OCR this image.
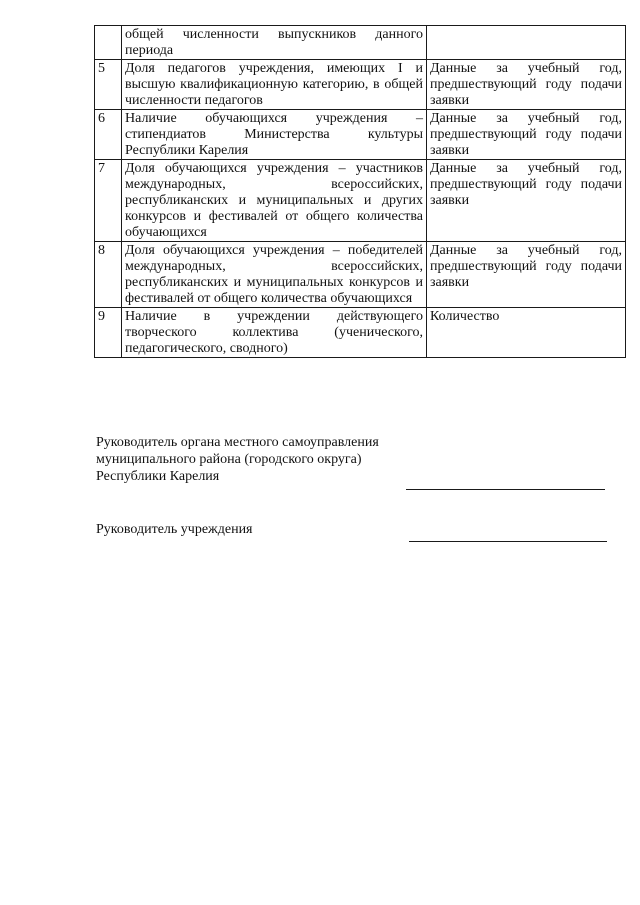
	общей численности выпускников данного периода	
5	Доля педагогов учреждения, имеющих I и высшую квалификационную категорию, в общей численности педагогов	Данные за учебный год, предшествующий году подачи заявки
6	Наличие обучающихся учреждения – стипендиатов Министерства культуры Республики Карелия	Данные за учебный год, предшествующий году подачи заявки
7	Доля обучающихся учреждения – участников международных, всероссийских, республиканских и муниципальных и других конкурсов и фестивалей от общего количества обучающихся	Данные за учебный год, предшествующий году подачи заявки
8	Доля обучающихся учреждения – победителей международных, всероссийских, республиканских и муниципальных конкурсов и фестивалей от общего количества обучающихся	Данные за учебный год, предшествующий году подачи заявки
9	Наличие в учреждении действующего творческого коллектива (ученического, педагогического, сводного)	Количество
Руководитель органа местного самоуправления
муниципального района (городского округа)
Республики Карелия
Руководитель учреждения
